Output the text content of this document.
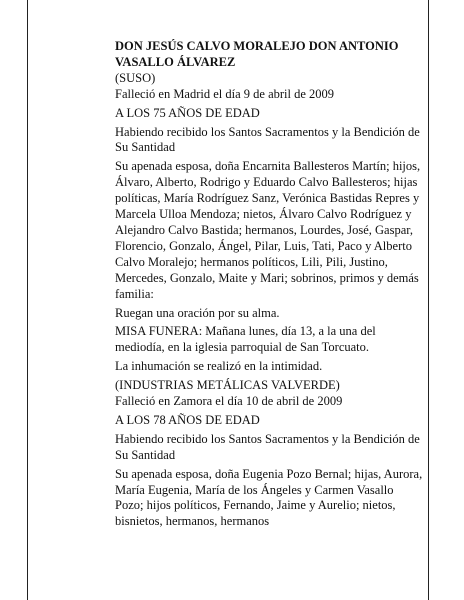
DON JESÚS CALVO MORALEJO DON ANTONIO VASALLO ÁLVAREZ

(SUSO)

Falleció en Madrid el día 9 de abril de 2009

A LOS 75 AÑOS DE EDAD

Habiendo recibido los Santos Sacramentos y la Bendición de Su Santidad

Su apenada esposa, doña Encarnita Ballesteros Martín; hijos, Álvaro, Alberto, Rodrigo y Eduardo Calvo Ballesteros; hijas políticas, María Rodríguez Sanz, Verónica Bastidas Repres y Marcela Ulloa Mendoza; nietos, Álvaro Calvo Rodríguez y Alejandro Calvo Bastida; hermanos, Lourdes, José, Gaspar, Florencio, Gonzalo, Ángel, Pilar, Luis, Tati, Paco y Alberto Calvo Moralejo; hermanos políticos, Lili, Pili, Justino, Mercedes, Gonzalo, Maite y Mari; sobrinos, primos y demás familia:

Ruegan una oración por su alma.

MISA FUNERA: Mañana lunes, día 13, a la una del mediodía, en la iglesia parroquial de San Torcuato.

La inhumación se realizó en la intimidad.

(INDUSTRIAS METÁLICAS VALVERDE)

Falleció en Zamora el día 10 de abril de 2009

A LOS 78 AÑOS DE EDAD

Habiendo recibido los Santos Sacramentos y la Bendición de Su Santidad

Su apenada esposa, doña Eugenia Pozo Bernal; hijas, Aurora, María Eugenia, María de los Ángeles y Carmen Vasallo Pozo; hijos políticos, Fernando, Jaime y Aurelio; nietos, bisnietos, hermanos, hermanos
